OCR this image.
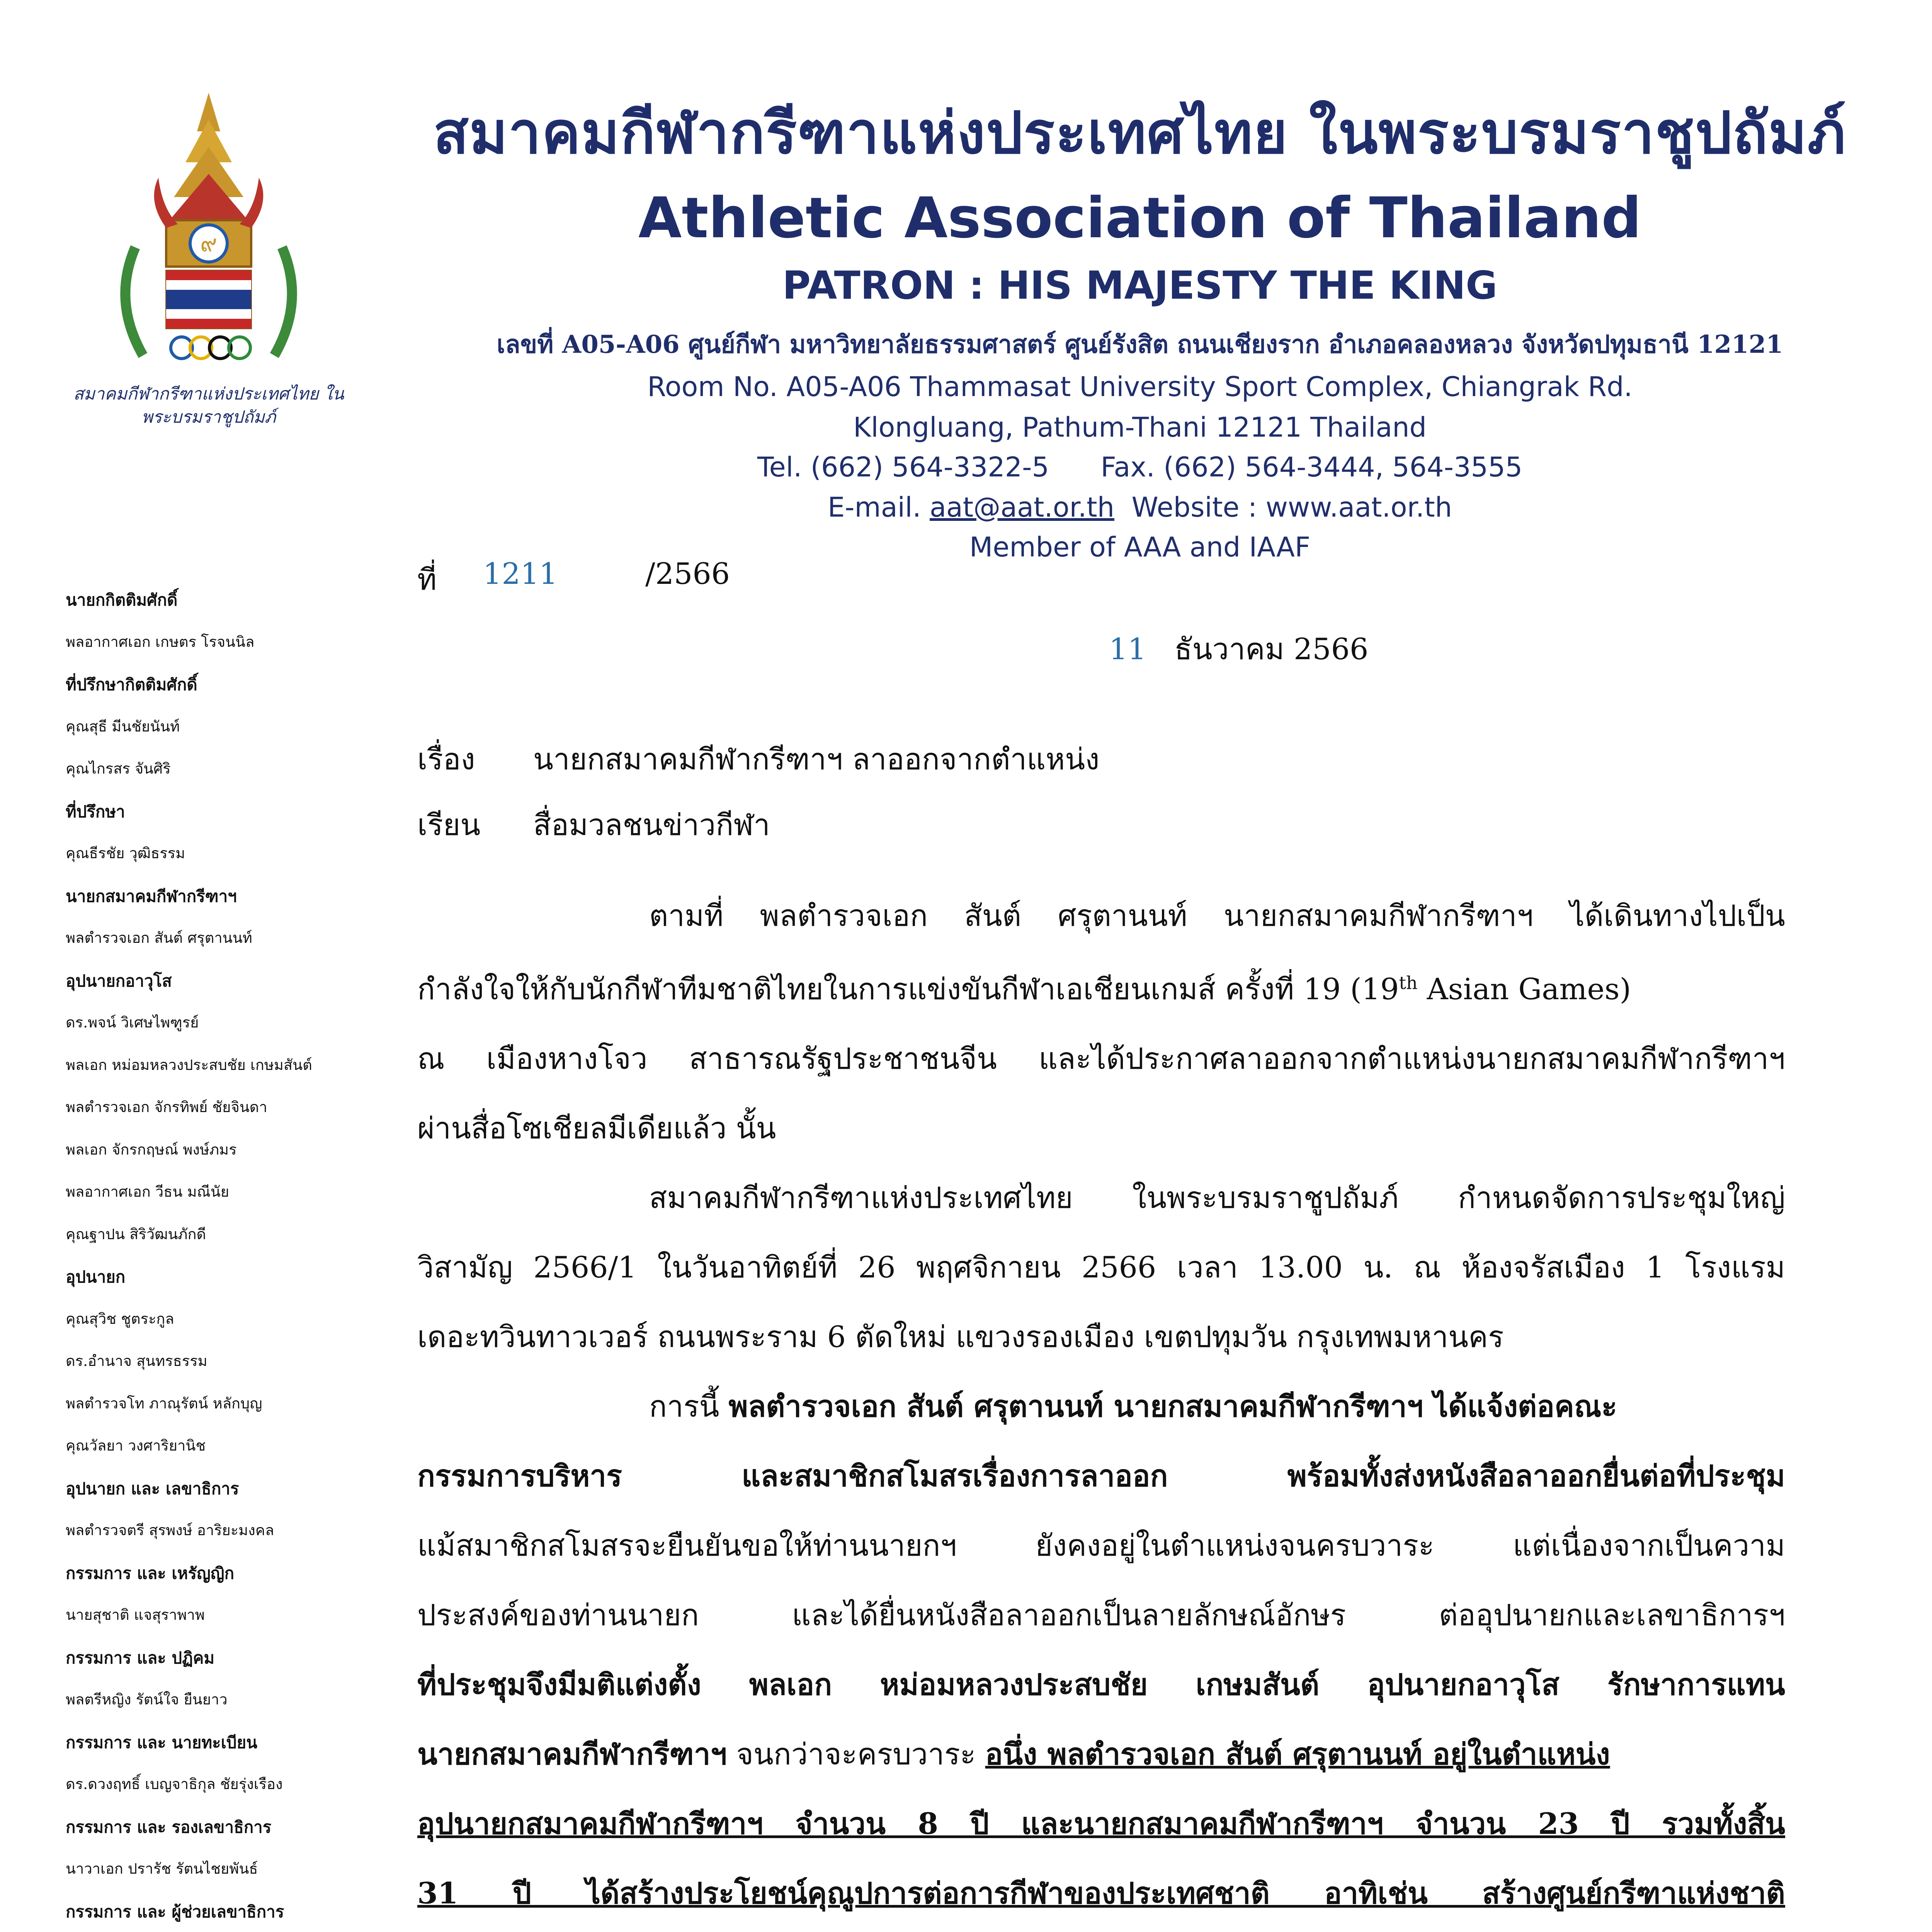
๙
สมาคมกีฬากรีฑาแห่งประเทศไทย ในพระบรมราชูปถัมภ์
สมาคมกีฬากรีฑาแห่งประเทศไทย ในพระบรมราชูปถัมภ์
Athletic Association of Thailand
PATRON : HIS MAJESTY THE KING
เลขที่ A05-A06 ศูนย์กีฬา มหาวิทยาลัยธรรมศาสตร์ ศูนย์รังสิต ถนนเชียงราก อำเภอคลองหลวง จังหวัดปทุมธานี 12121
Room No. A05-A06 Thammasat University Sport Complex, Chiangrak Rd.
Klongluang, Pathum-Thani 12121 Thailand
Tel. (662) 564-3322-5 Fax. (662) 564-3444, 564-3555
E-mail. aat@aat.or.th Website : www.aat.or.th
Member of AAA and IAAF
นายกกิตติมศักดิ์
พลอากาศเอก เกษตร โรจนนิล
ที่ปรึกษากิตติมศักดิ์
คุณสุธี มีนชัยนันท์
คุณไกรสร จันศิริ
ที่ปรึกษา
คุณธีรชัย วุฒิธรรม
นายกสมาคมกีฬากรีฑาฯ
พลตำรวจเอก สันต์ ศรุตานนท์
อุปนายกอาวุโส
ดร.พจน์ วิเศษไพฑูรย์
พลเอก หม่อมหลวงประสบชัย เกษมสันต์
พลตำรวจเอก จักรทิพย์ ชัยจินดา
พลเอก จักรกฤษณ์ พงษ์ภมร
พลอากาศเอก วีธน มณีนัย
คุณฐาปน สิริวัฒนภักดี
อุปนายก
คุณสุวิช ชูตระกูล
ดร.อำนาจ สุนทรธรรม
พลตำรวจโท ภาณุรัตน์ หลักบุญ
คุณวัลยา วงศาริยานิช
อุปนายก และ เลขาธิการ
พลตำรวจตรี สุรพงษ์ อาริยะมงคล
กรรมการ และ เหรัญญิก
นายสุชาติ แจสุราพาพ
กรรมการ และ ปฏิคม
พลตรีหญิง รัตน์ใจ ยืนยาว
กรรมการ และ นายทะเบียน
ดร.ดวงฤทธิ์ เบญจาธิกุล ชัยรุ่งเรือง
กรรมการ และ รองเลขาธิการ
นาวาเอก ปรารัช รัตนไชยพันธ์
กรรมการ และ ผู้ช่วยเลขาธิการ
ที่ 1211	/2566
11 ธันวาคม 2566
เรื่อง นายกสมาคมกีฬากรีฑาฯ ลาออกจากตำแหน่ง
เรียน สื่อมวลชนข่าวกีฬา
ตามที่ พลตำรวจเอก สันต์ ศรุตานนท์ นายกสมาคมกีฬากรีฑาฯ ได้เดินทางไปเป็น
กำลังใจให้กับนักกีฬาทีมชาติไทยในการแข่งขันกีฬาเอเชียนเกมส์ ครั้งที่ 19 (19th Asian Games)
ณ เมืองหางโจว สาธารณรัฐประชาชนจีน และได้ประกาศลาออกจากตำแหน่งนายกสมาคมกีฬากรีฑาฯ
ผ่านสื่อโซเชียลมีเดียแล้ว นั้น
สมาคมกีฬากรีฑาแห่งประเทศไทย ในพระบรมราชูปถัมภ์ กำหนดจัดการประชุมใหญ่
วิสามัญ 2566/1 ในวันอาทิตย์ที่ 26 พฤศจิกายน 2566 เวลา 13.00 น. ณ ห้องจรัสเมือง 1 โรงแรม
เดอะทวินทาวเวอร์ ถนนพระราม 6 ตัดใหม่ แขวงรองเมือง เขตปทุมวัน กรุงเทพมหานคร
การนี้ พลตำรวจเอก สันต์ ศรุตานนท์ นายกสมาคมกีฬากรีฑาฯ ได้แจ้งต่อคณะ
กรรมการบริหาร และสมาชิกสโมสรเรื่องการลาออก พร้อมทั้งส่งหนังสือลาออกยื่นต่อที่ประชุม
แม้สมาชิกสโมสรจะยืนยันขอให้ท่านนายกฯ ยังคงอยู่ในตำแหน่งจนครบวาระ แต่เนื่องจากเป็นความ
ประสงค์ของท่านนายก และได้ยื่นหนังสือลาออกเป็นลายลักษณ์อักษร ต่ออุปนายกและเลขาธิการฯ
ที่ประชุมจึงมีมติแต่งตั้ง พลเอก หม่อมหลวงประสบชัย เกษมสันต์ อุปนายกอาวุโส รักษาการแทน
นายกสมาคมกีฬากรีฑาฯ จนกว่าจะครบวาระ อนึ่ง พลตำรวจเอก สันต์ ศรุตานนท์ อยู่ในตำแหน่ง
อุปนายกสมาคมกีฬากรีฑาฯ จำนวน 8 ปี และนายกสมาคมกีฬากรีฑาฯ จำนวน 23 ปี รวมทั้งสิ้น
31 ปี ได้สร้างประโยชน์คุณูปการต่อการกีฬาของประเทศชาติ อาทิเช่น สร้างศูนย์กรีฑาแห่งชาติ
